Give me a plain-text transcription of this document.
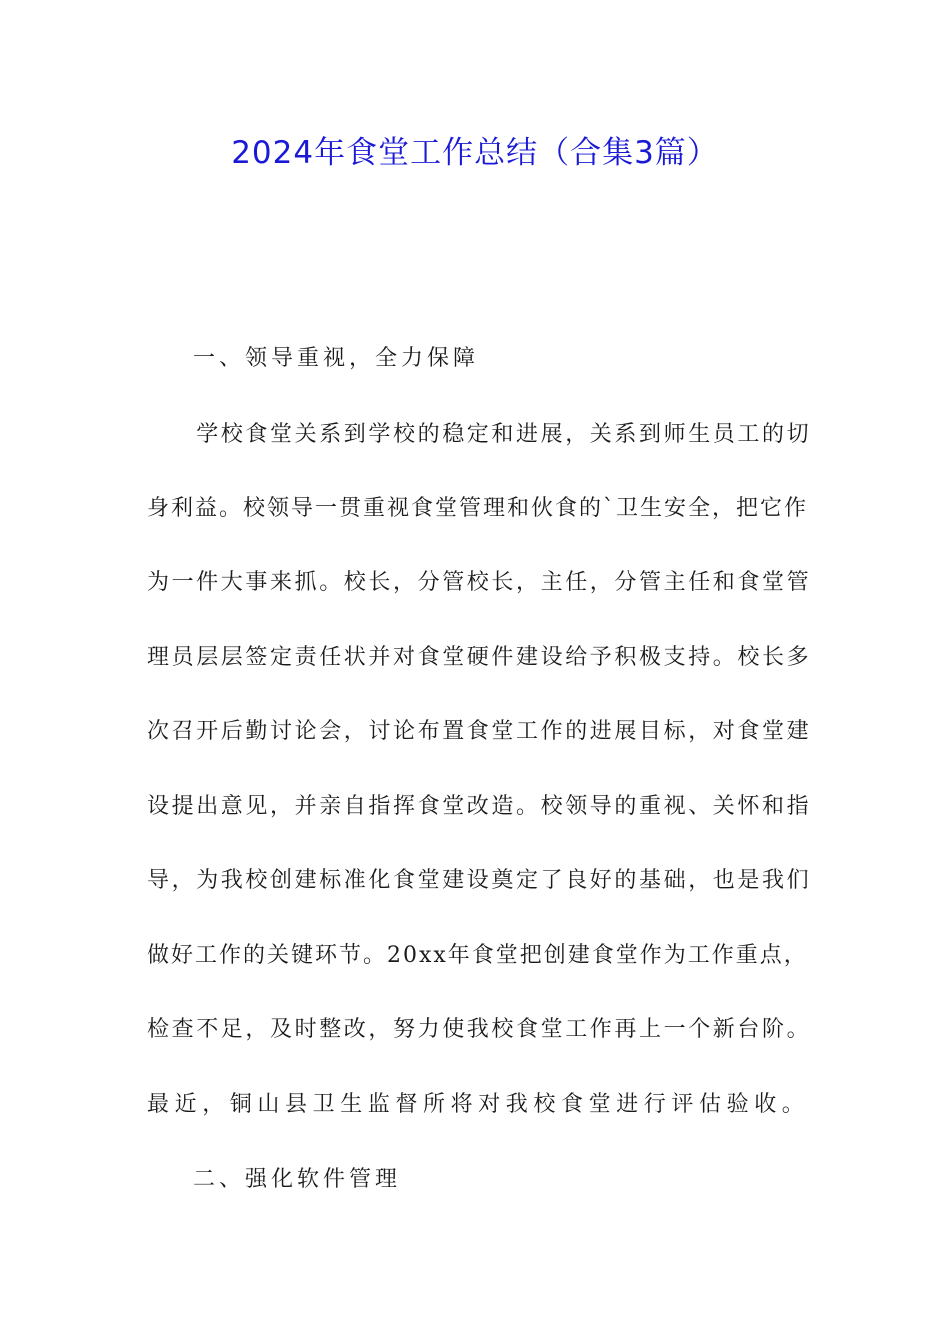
2024年食堂工作总结（合集3篇）
一、领导重视，全力保障
　　学校食堂关系到学校的稳定和进展，关系到师生员工的切
身利益。校领导一贯重视食堂管理和伙食的`卫生安全，把它作
为一件大事来抓。校长，分管校长，主任，分管主任和食堂管
理员层层签定责任状并对食堂硬件建设给予积极支持。校长多
次召开后勤讨论会，讨论布置食堂工作的进展目标，对食堂建
设提出意见，并亲自指挥食堂改造。校领导的重视、关怀和指
导，为我校创建标准化食堂建设奠定了良好的基础，也是我们
做好工作的关键环节。20xx年食堂把创建食堂作为工作重点，
检查不足，及时整改，努力使我校食堂工作再上一个新台阶。
最近，铜山县卫生监督所将对我校食堂进行评估验收。
二、强化软件管理
